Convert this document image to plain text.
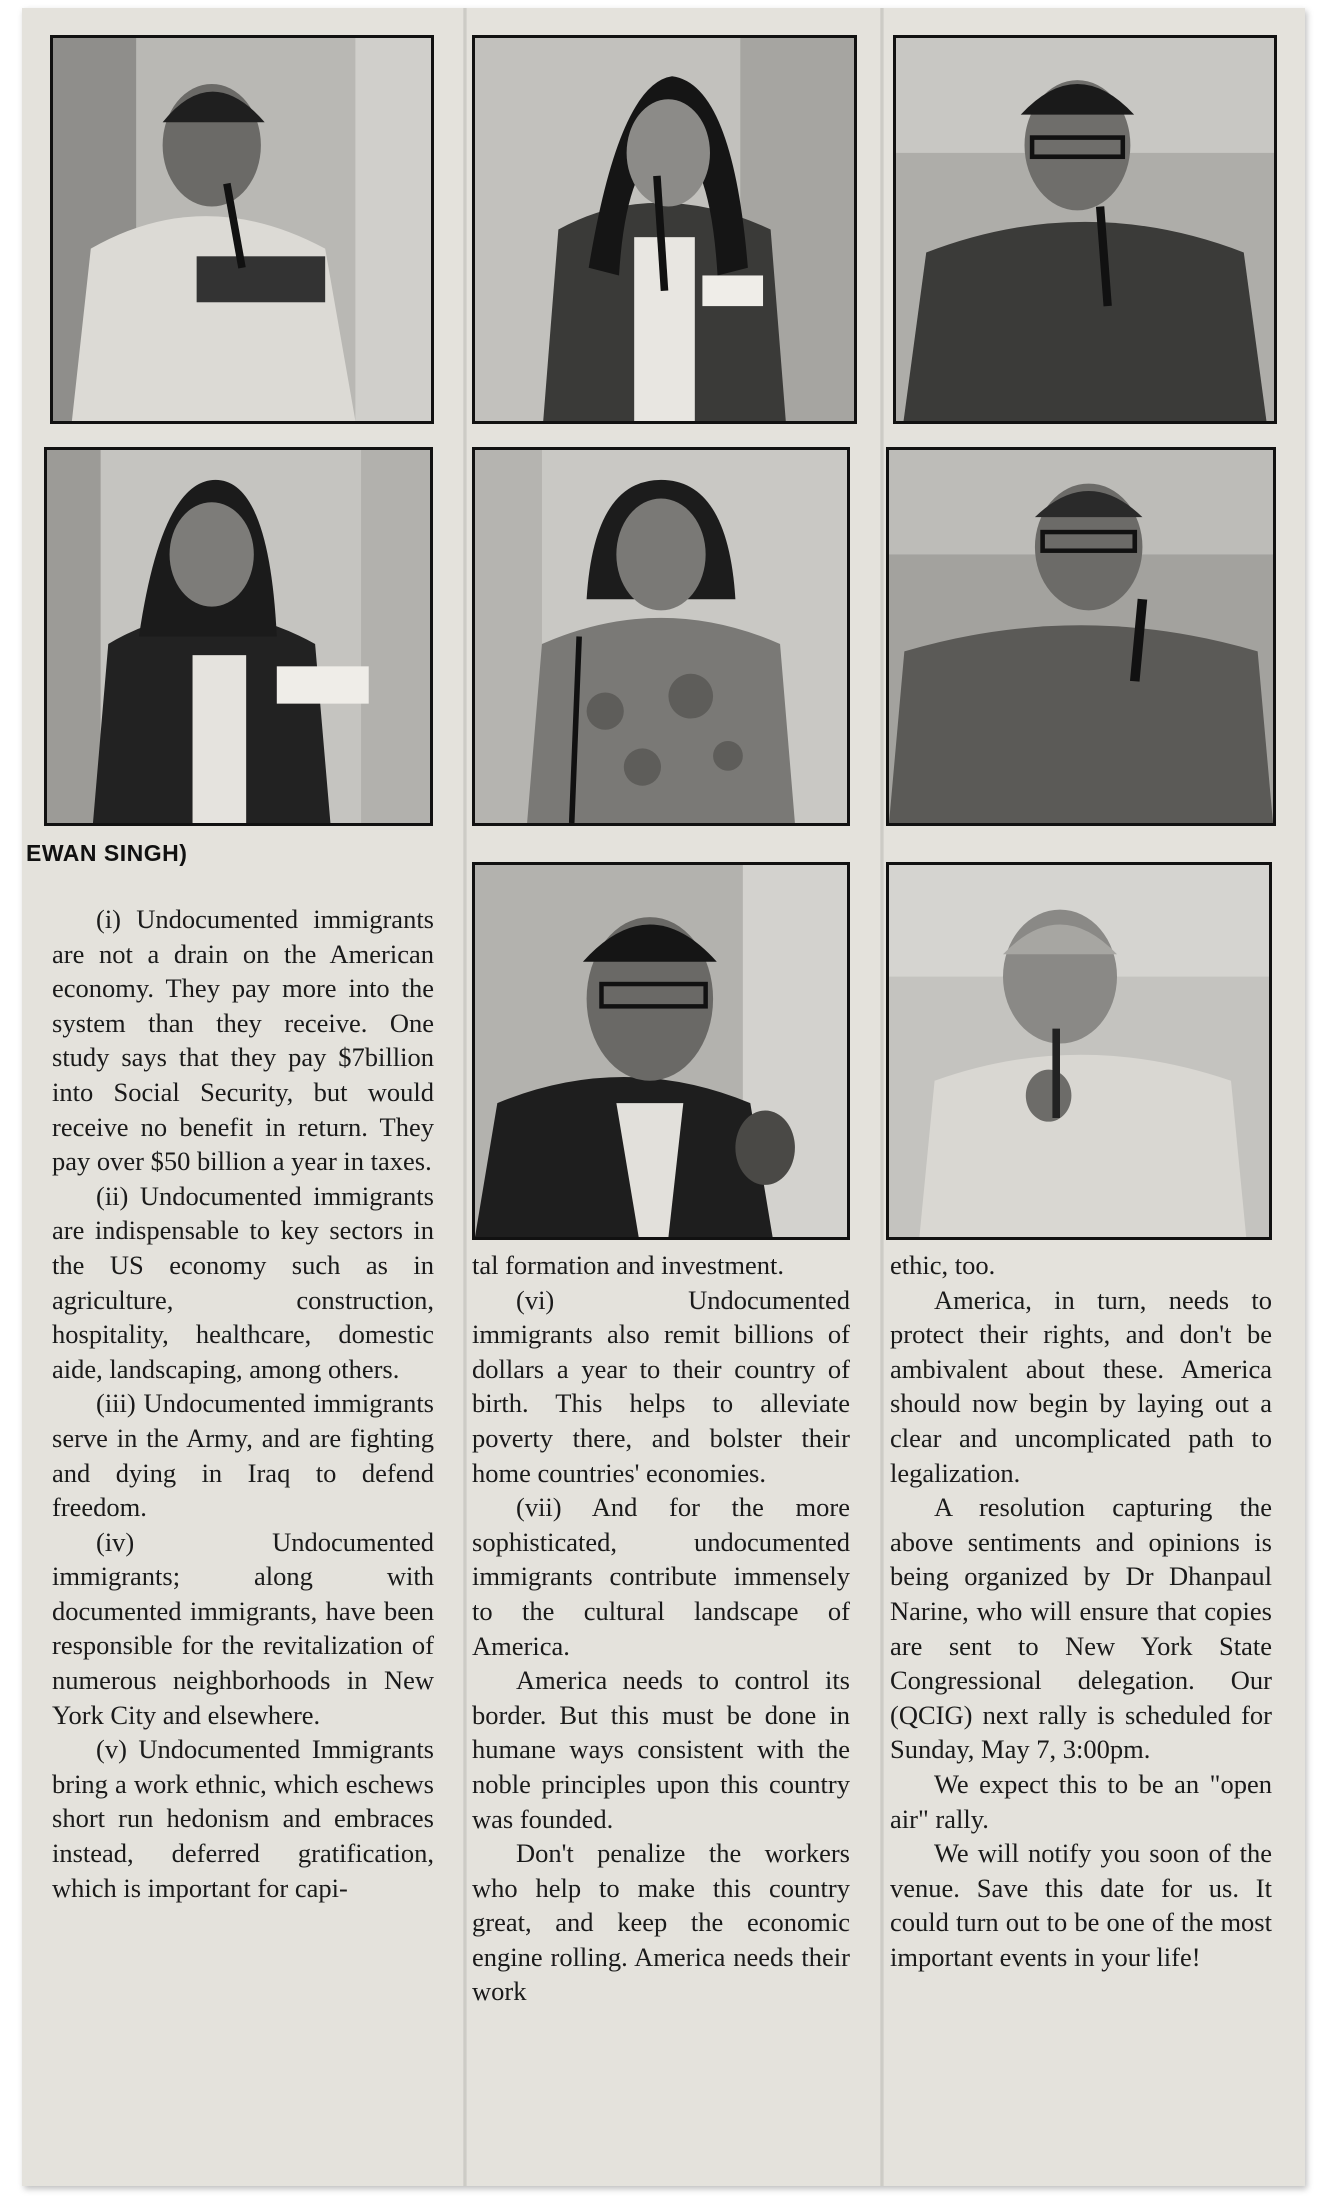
EWAN SINGH)

(i) Undocumented immigrants are not a drain on the American economy. They pay more into the system than they receive. One study says that they pay $7billion into Social Security, but would receive no benefit in return. They pay over $50 billion a year in taxes.

(ii) Undocumented immigrants are indispensable to key sectors in the US economy such as in agriculture, construction, hospitality, healthcare, domestic aide, landscaping, among others.

(iii) Undocumented immigrants serve in the Army, and are fighting and dying in Iraq to defend freedom.

(iv) Undocumented immigrants; along with documented immigrants, have been responsible for the revitalization of numerous neighborhoods in New York City and elsewhere.

(v) Undocumented Immigrants bring a work ethnic, which eschews short run hedonism and embraces instead, deferred gratification, which is important for capi-

tal formation and investment.

(vi) Undocumented immigrants also remit billions of dollars a year to their country of birth. This helps to alleviate poverty there, and bolster their home countries' economies.

(vii) And for the more sophisticated, undocumented immigrants contribute immensely to the cultural landscape of America.

America needs to control its border. But this must be done in humane ways consistent with the noble principles upon this country was founded.

Don't penalize the workers who help to make this country great, and keep the economic engine rolling. America needs their work

ethic, too.

America, in turn, needs to protect their rights, and don't be ambivalent about these. America should now begin by laying out a clear and uncomplicated path to legalization.

A resolution capturing the above sentiments and opinions is being organized by Dr Dhanpaul Narine, who will ensure that copies are sent to New York State Congressional delegation. Our (QCIG) next rally is scheduled for Sunday, May 7, 3:00pm.

We expect this to be an "open air" rally.

We will notify you soon of the venue. Save this date for us. It could turn out to be one of the most important events in your life!
